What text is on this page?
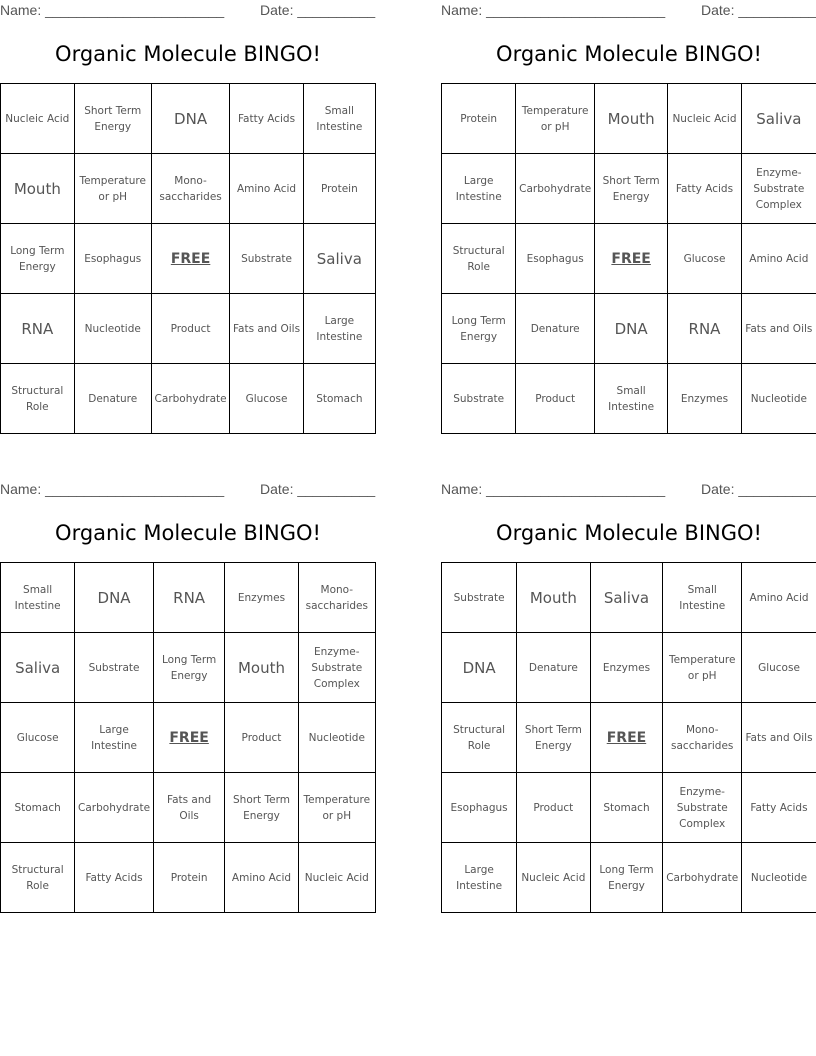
Name: _______________________	Date: __________
Organic Molecule BINGO!
Nucleic Acid	Short Term Energy	DNA	Fatty Acids	Small Intestine
Mouth	Temperature or pH	Mono-saccharides	Amino Acid	Protein
Long Term Energy	Esophagus	FREE	Substrate	Saliva
RNA	Nucleotide	Product	Fats and Oils	Large Intestine
Structural Role	Denature	Carbohydrate	Glucose	Stomach
Name: _______________________	Date: __________
Organic Molecule BINGO!
Protein	Temperature or pH	Mouth	Nucleic Acid	Saliva
Large Intestine	Carbohydrate	Short Term Energy	Fatty Acids	Enzyme-Substrate Complex
Structural Role	Esophagus	FREE	Glucose	Amino Acid
Long Term Energy	Denature	DNA	RNA	Fats and Oils
Substrate	Product	Small Intestine	Enzymes	Nucleotide
Name: _______________________	Date: __________
Organic Molecule BINGO!
Small Intestine	DNA	RNA	Enzymes	Mono-saccharides
Saliva	Substrate	Long Term Energy	Mouth	Enzyme-Substrate Complex
Glucose	Large Intestine	FREE	Product	Nucleotide
Stomach	Carbohydrate	Fats and Oils	Short Term Energy	Temperature or pH
Structural Role	Fatty Acids	Protein	Amino Acid	Nucleic Acid
Name: _______________________	Date: __________
Organic Molecule BINGO!
Substrate	Mouth	Saliva	Small Intestine	Amino Acid
DNA	Denature	Enzymes	Temperature or pH	Glucose
Structural Role	Short Term Energy	FREE	Mono-saccharides	Fats and Oils
Esophagus	Product	Stomach	Enzyme-Substrate Complex	Fatty Acids
Large Intestine	Nucleic Acid	Long Term Energy	Carbohydrate	Nucleotide
